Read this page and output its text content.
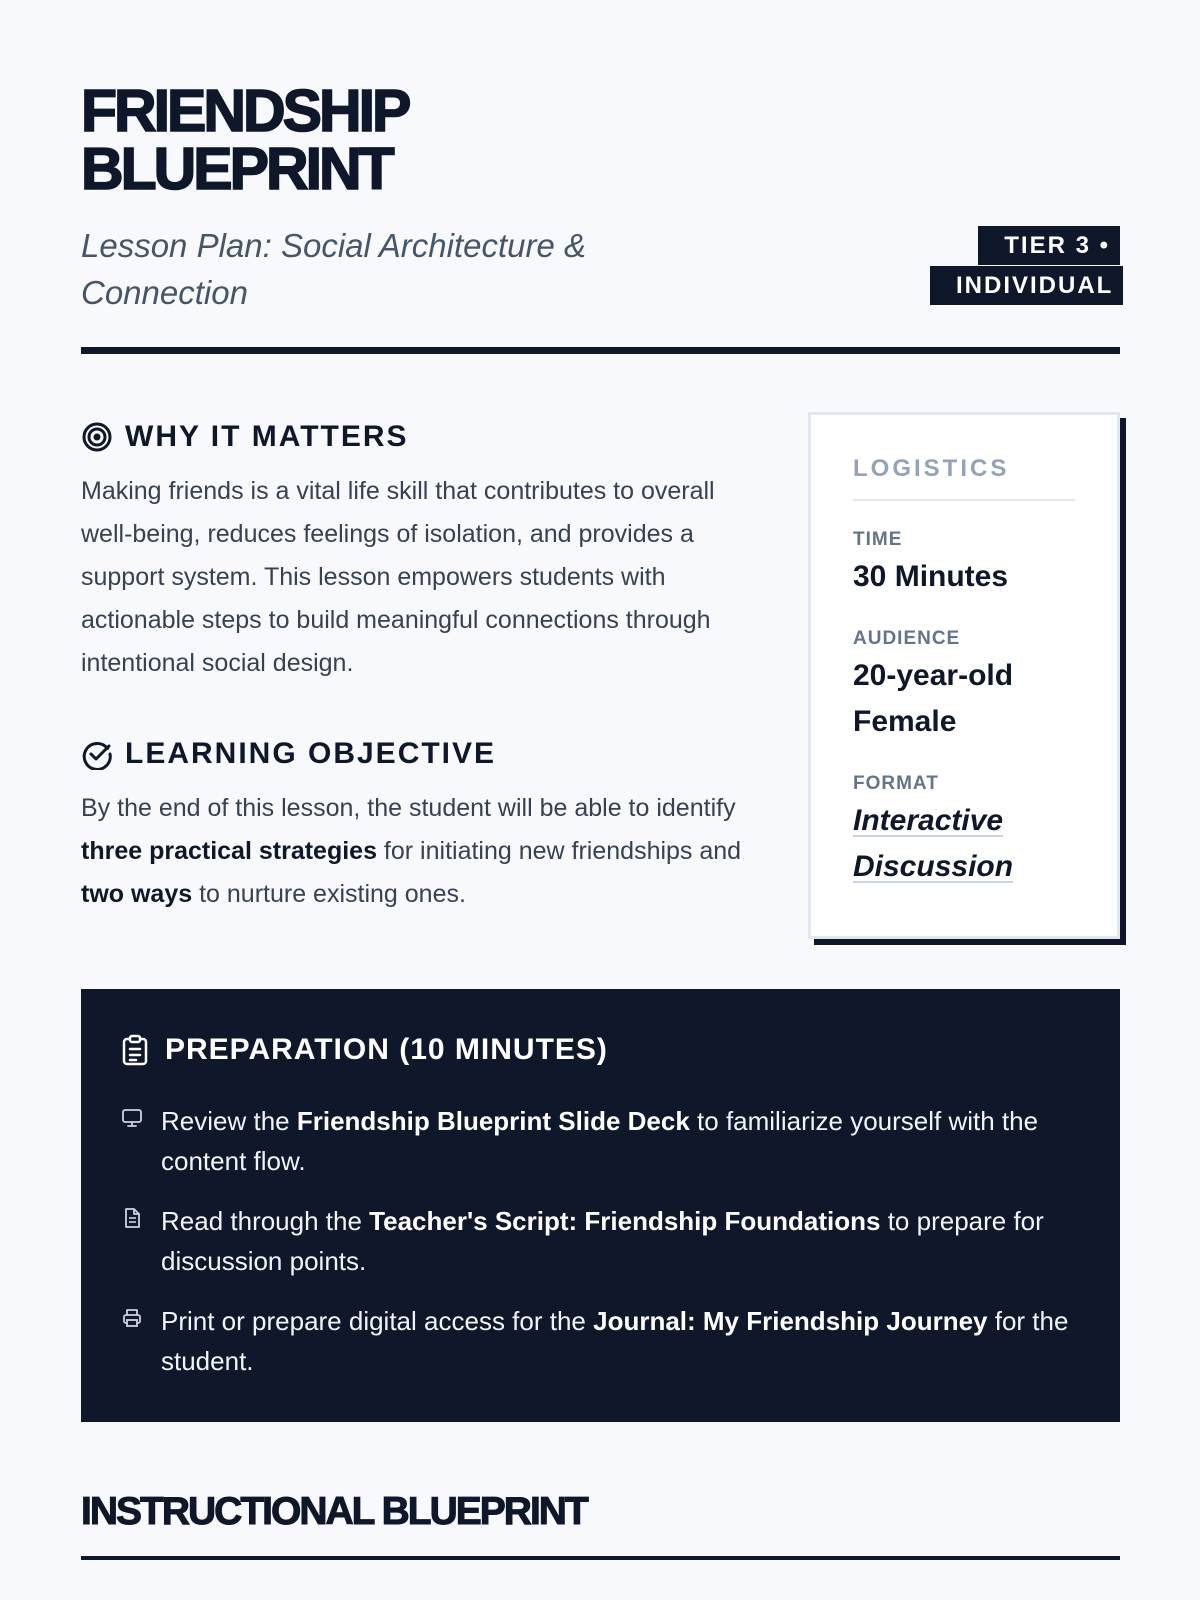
FRIENDSHIP
BLUEPRINT

Lesson Plan: Social Architecture & Connection

TIER 3 • INDIVIDUAL
WHY IT MATTERS

Making friends is a vital life skill that contributes to overall well-being, reduces feelings of isolation, and provides a support system. This lesson empowers students with actionable steps to build meaningful connections through intentional social design.

LEARNING OBJECTIVE

By the end of this lesson, the student will be able to identify three practical strategies for initiating new friendships and two ways to nurture existing ones.

LOGISTICS

TIME

30 Minutes

AUDIENCE

20-year-old Female

FORMAT

Interactive Discussion

PREPARATION (10 MINUTES)
Review the Friendship Blueprint Slide Deck to familiarize yourself with the content flow.
Read through the Teacher's Script: Friendship Foundations to prepare for discussion points.
Print or prepare digital access for the Journal: My Friendship Journey for the student.
INSTRUCTIONAL BLUEPRINT
